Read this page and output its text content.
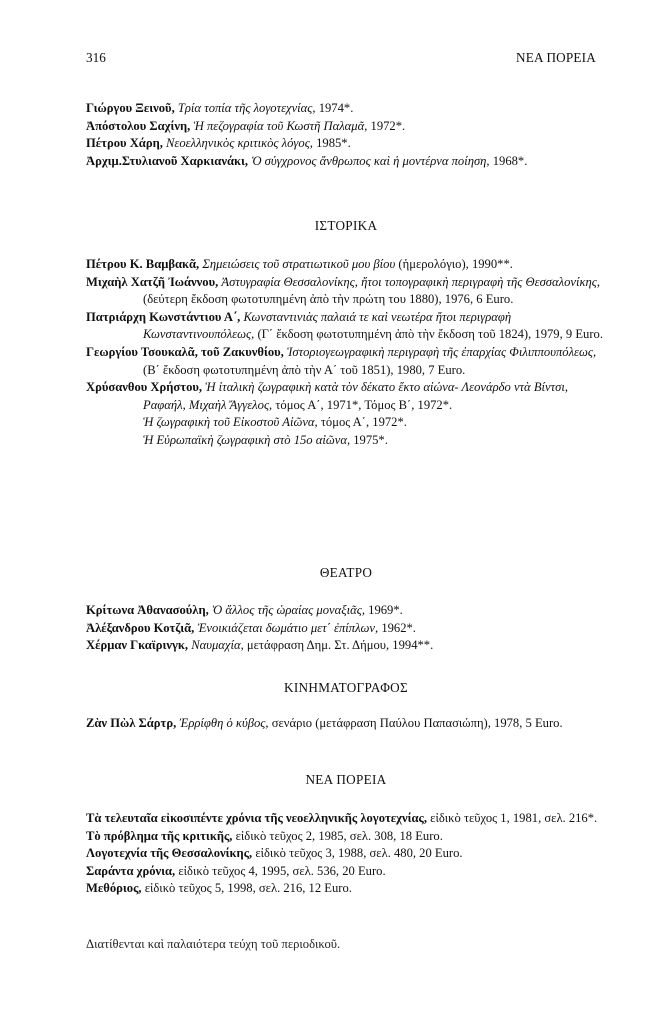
316	ΝΕΑ ΠΟΡΕΙΑ

Γιώργου Ξεινοῦ, Τρία τοπία τῆς λογοτεχνίας, 1974*.

Ἀπόστολου Σαχίνη, Ἡ πεζογραφία τοῦ Κωστῆ Παλαμᾶ, 1972*.

Πέτρου Χάρη, Νεοελληνικὸς κριτικὸς λόγος, 1985*.

Ἀρχιμ.Στυλιανοῦ Χαρκιανάκι, Ὁ σύγχρονος ἄνθρωπος καὶ ἡ μοντέρνα ποίηση, 1968*.

ΙΣΤΟΡΙΚΑ

Πέτρου Κ. Βαμβακᾶ, Σημειώσεις τοῦ στρατιωτικοῦ μου βίου (ἡμερολόγιο), 1990**.

Μιχαὴλ Χατζῆ Ἰωάννου, Ἀστυγραφία Θεσσαλονίκης, ἤτοι τοπογραφικὴ περιγραφὴ τῆς Θεσσαλονίκης, (δεύτερη ἔκδοση φωτοτυπημένη ἀπὸ τὴν πρώτη του 1880), 1976, 6 Euro.

Πατριάρχη Κωνστάντιου Α΄, Κωνσταντινιὰς παλαιά τε καὶ νεωτέρα ἤτοι περιγραφὴ Κωνσταντινουπόλεως, (Γ΄ ἔκδοση φωτοτυπημένη ἀπὸ τὴν ἔκδοση τοῦ 1824), 1979, 9 Euro.

Γεωργίου Τσουκαλᾶ, τοῦ Ζακυνθίου, Ἱστοριογεωγραφικὴ περιγραφὴ τῆς ἐπαρχίας Φιλιππουπόλεως, (Β΄ ἔκδοση φωτοτυπημένη ἀπὸ τὴν Α΄ τοῦ 1851), 1980, 7 Euro.

Χρύσανθου Χρήστου, Ἡ ἰταλικὴ ζωγραφικὴ κατὰ τὸν δέκατο ἕκτο αἰώνα- Λεονάρδο ντὰ Βίντσι, Ραφαήλ, Μιχαὴλ Ἄγγελος, τόμος Α΄, 1971*, Τόμος Β΄, 1972*.

Ἡ ζωγραφικὴ τοῦ Εἰκοστοῦ Αἰῶνα, τόμος Α΄, 1972*.

Ἡ Εὐρωπαϊκὴ ζωγραφικὴ στὸ 15ο αἰῶνα, 1975*.

ΘΕΑΤΡΟ

Κρίτωνα Ἀθανασούλη, Ὁ ἄλλος τῆς ὡραίας μοναξιᾶς, 1969*.

Ἀλέξανδρου Κοτζιᾶ, Ἐνοικιάζεται δωμάτιο μετ΄ ἐπίπλων, 1962*.

Χέρμαν Γκαϊρινγκ, Ναυμαχία, μετάφραση Δημ. Στ. Δήμου, 1994**.

ΚΙΝΗΜΑΤΟΓΡΑΦΟΣ

Ζὰν Πὼλ Σάρτρ, Ἐρρίφθη ὁ κύβος, σενάριο (μετάφραση Παύλου Παπασιώπη), 1978, 5 Euro.

ΝΕΑ ΠΟΡΕΙΑ

Τὰ τελευταῖα εἰκοσιπέντε χρόνια τῆς νεοελληνικῆς λογοτεχνίας, εἰδικὸ τεῦχος 1, 1981, σελ. 216*.

Τὸ πρόβλημα τῆς κριτικῆς, εἰδικὸ τεῦχος 2, 1985, σελ. 308, 18 Euro.

Λογοτεχνία τῆς Θεσσαλονίκης, εἰδικὸ τεῦχος 3, 1988, σελ. 480, 20 Euro.

Σαράντα χρόνια, εἰδικὸ τεῦχος 4, 1995, σελ. 536, 20 Euro.

Μεθόριος, εἰδικὸ τεῦχος 5, 1998, σελ. 216, 12 Euro.

Διατίθενται καὶ παλαιότερα τεύχη τοῦ περιοδικοῦ.
